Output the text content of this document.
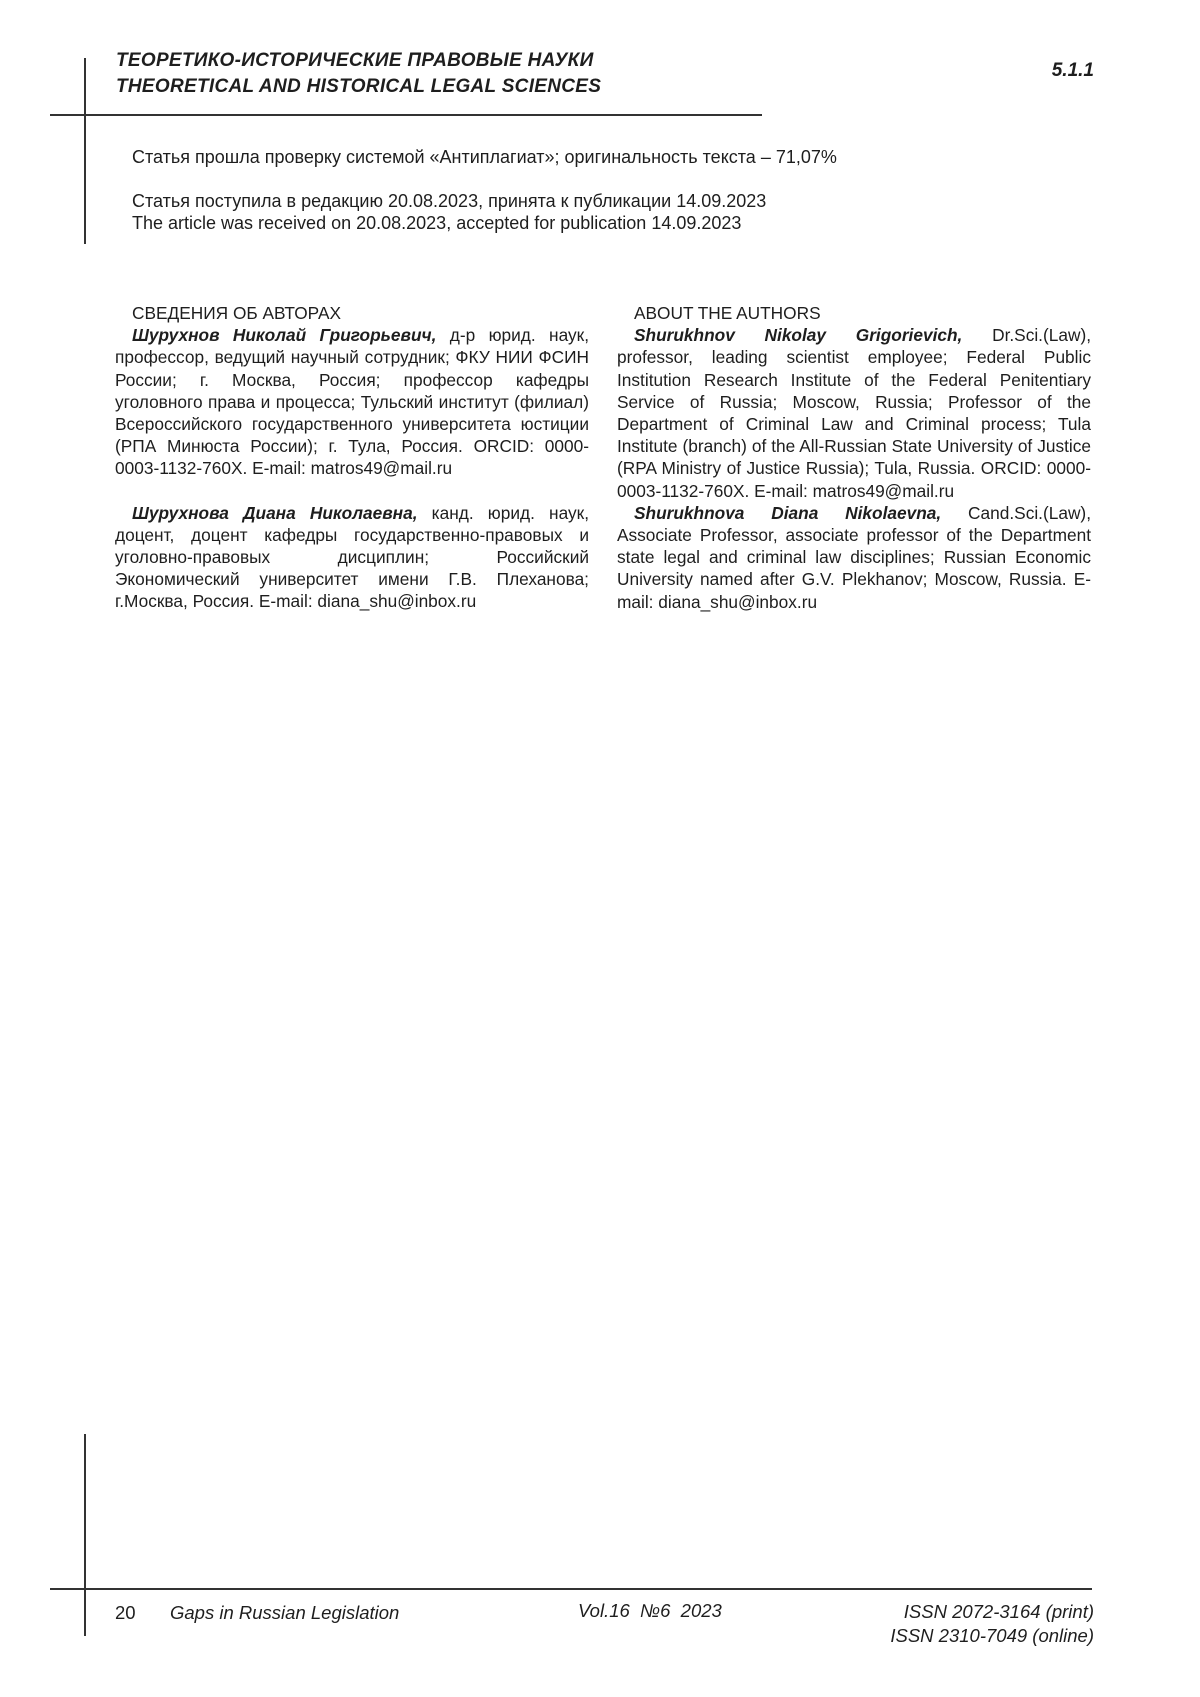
ТЕОРЕТИКО-ИСТОРИЧЕСКИЕ ПРАВОВЫЕ НАУКИ
THEORETICAL AND HISTORICAL LEGAL SCIENCES
5.1.1
Статья прошла проверку системой «Антиплагиат»; оригинальность текста – 71,07%
Статья поступила в редакцию 20.08.2023, принята к публикации 14.09.2023
The article was received on 20.08.2023, accepted for publication 14.09.2023
СВЕДЕНИЯ ОБ АВТОРАХ

Шурухнов Николай Григорьевич, д-р юрид. наук, профессор, ведущий научный сотрудник; ФКУ НИИ ФСИН России; г. Москва, Россия; профессор кафедры уголовного права и процесса; Тульский институт (филиал) Всероссийского государственного университета юстиции (РПА Минюста России); г. Тула, Россия. ORCID: 0000-0003-1132-760X. E-mail: matros49@mail.ru

Шурухнова Диана Николаевна, канд. юрид. наук, доцент, доцент кафедры государственно-правовых и уголовно-правовых дисциплин; Российский Экономический университет имени Г.В. Плеханова; г.Москва, Россия. E-mail: diana_shu@inbox.ru

ABOUT THE AUTHORS

Shurukhnov Nikolay Grigorievich, Dr.Sci.(Law), professor, leading scientist employee; Federal Public Institution Research Institute of the Federal Penitentiary Service of Russia; Moscow, Russia; Professor of the Department of Criminal Law and Criminal process; Tula Institute (branch) of the All-Russian State University of Justice (RPA Ministry of Justice Russia); Tula, Russia. ORCID: 0000-0003-1132-760X. E-mail: matros49@mail.ru

Shurukhnova Diana Nikolaevna, Cand.Sci.(Law), Associate Professor, associate professor of the Department state legal and criminal law disciplines; Russian Economic University named after G.V. Plekhanov; Moscow, Russia. E-mail: diana_shu@inbox.ru

20 Gaps in Russian Legislation	Vol.16  №6  2023	ISSN 2072-3164 (print)
ISSN 2310-7049 (online)
